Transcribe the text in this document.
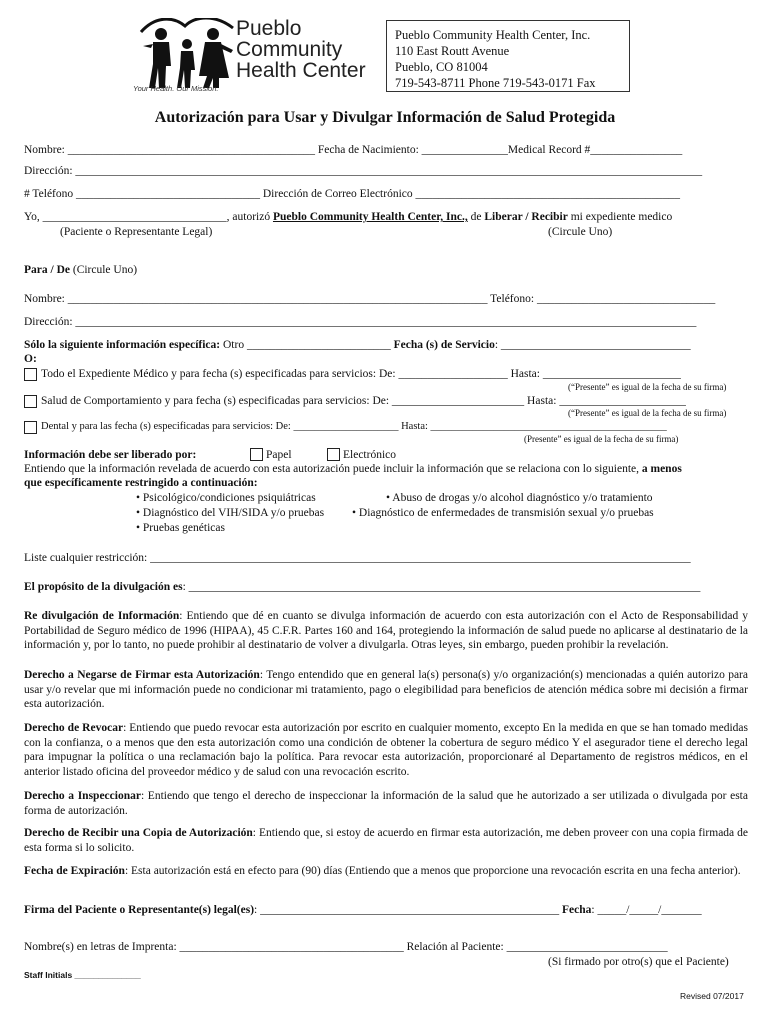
Pueblo
Community
Health Center
Your Health. Our Mission.
Pueblo Community Health Center, Inc.
110 East Routt Avenue
Pueblo, CO 81004
719-543-8711 Phone 719-543-0171 Fax
Autorización para Usar y Divulgar Información de Salud Protegida
Nombre: ___________________________________________ Fecha de Nacimiento: _______________Medical Record #________________
Dirección: _____________________________________________________________________________________________________________
# Teléfono ________________________________ Dirección de Correo Electrónico ______________________________________________
Yo, ________________________________, autorizó Pueblo Community Health Center, Inc., de Liberar / Recibir mi expediente medico
(Paciente o Representante Legal)	(Circule Uno)
Para / De (Circule Uno)
Nombre: _________________________________________________________________________ Teléfono: _______________________________
Dirección: ____________________________________________________________________________________________________________
Sólo la siguiente información específica: Otro _________________________ Fecha (s) de Servicio: _________________________________
O:
Todo el Expediente Médico y para fecha (s) especificadas para servicios: De: ___________________ Hasta: ________________________
(“Presente” es igual de la fecha de su firma)
Salud de Comportamiento y para fecha (s) especificadas para servicios: De: _______________________ Hasta: ______________________
(“Presente” es igual de la fecha de su firma)
Dental y para las fecha (s) especificadas para servicios: De: ____________________ Hasta: _____________________________________________
(Presente” es igual de la fecha de su firma)
Información debe ser liberado por:	Papel	Electrónico
Entiendo que la información revelada de acuerdo con esta autorización puede incluir la información que se relaciona con lo siguiente, a menos
que específicamente restringido a continuación:
• Psicológico/condiciones psiquiátricas	• Abuso de drogas y/o alcohol diagnóstico y/o tratamiento
• Diagnóstico del VIH/SIDA y/o pruebas • Diagnóstico de enfermedades de transmisión sexual y/o pruebas
• Pruebas genéticas
Liste cualquier restricción: ______________________________________________________________________________________________
El propósito de la divulgación es: _________________________________________________________________________________________

Re divulgación de Información: Entiendo que dé en cuanto se divulga información de acuerdo con esta autorización con el Acto de Responsabilidad y Portabilidad de Seguro médico de 1996 (HIPAA), 45 C.F.R. Partes 160 and 164, protegiendo la información de salud puede no aplicarse al destinatario de la información y, por lo tanto, no puede prohibir al destinatario de volver a divulgarla. Otras leyes, sin embargo, pueden prohibir la revelación.

Derecho a Negarse de Firmar esta Autorización: Tengo entendido que en general la(s) persona(s) y/o organización(s) mencionadas a quién autorizo para usar y/o revelar que mi información puede no condicionar mi tratamiento, pago o elegibilidad para beneficios de atención médica sobre mi decisión a firmar esta autorización.

Derecho de Revocar: Entiendo que puedo revocar esta autorización por escrito en cualquier momento, excepto En la medida en que se han tomado medidas con la confianza, o a menos que den esta autorización como una condición de obtener la cobertura de seguro médico Y el asegurador tiene el derecho legal para impugnar la política o una reclamación bajo la política. Para revocar esta autorización, proporcionaré al Departamento de registros médicos, en el anterior listado oficina del proveedor médico y de salud con una revocación escrito.

Derecho a Inspeccionar: Entiendo que tengo el derecho de inspeccionar la información de la salud que he autorizado a ser utilizada o divulgada por esta forma de autorización.

Derecho de Recibir una Copia de Autorización: Entiendo que, si estoy de acuerdo en firmar esta autorización, me deben proveer con una copia firmada de esta forma si lo solicito.

Fecha de Expiración: Esta autorización está en efecto para (90) días (Entiendo que a menos que proporcione una revocación escrita en una fecha anterior).

Firma del Paciente o Representante(s) legal(es): ____________________________________________________ Fecha: _____/_____/_______
Nombre(s) en letras de Imprenta: _______________________________________ Relación al Paciente: ____________________________
(Si firmado por otro(s) que el Paciente)
Staff Initials ______________
Revised 07/2017
